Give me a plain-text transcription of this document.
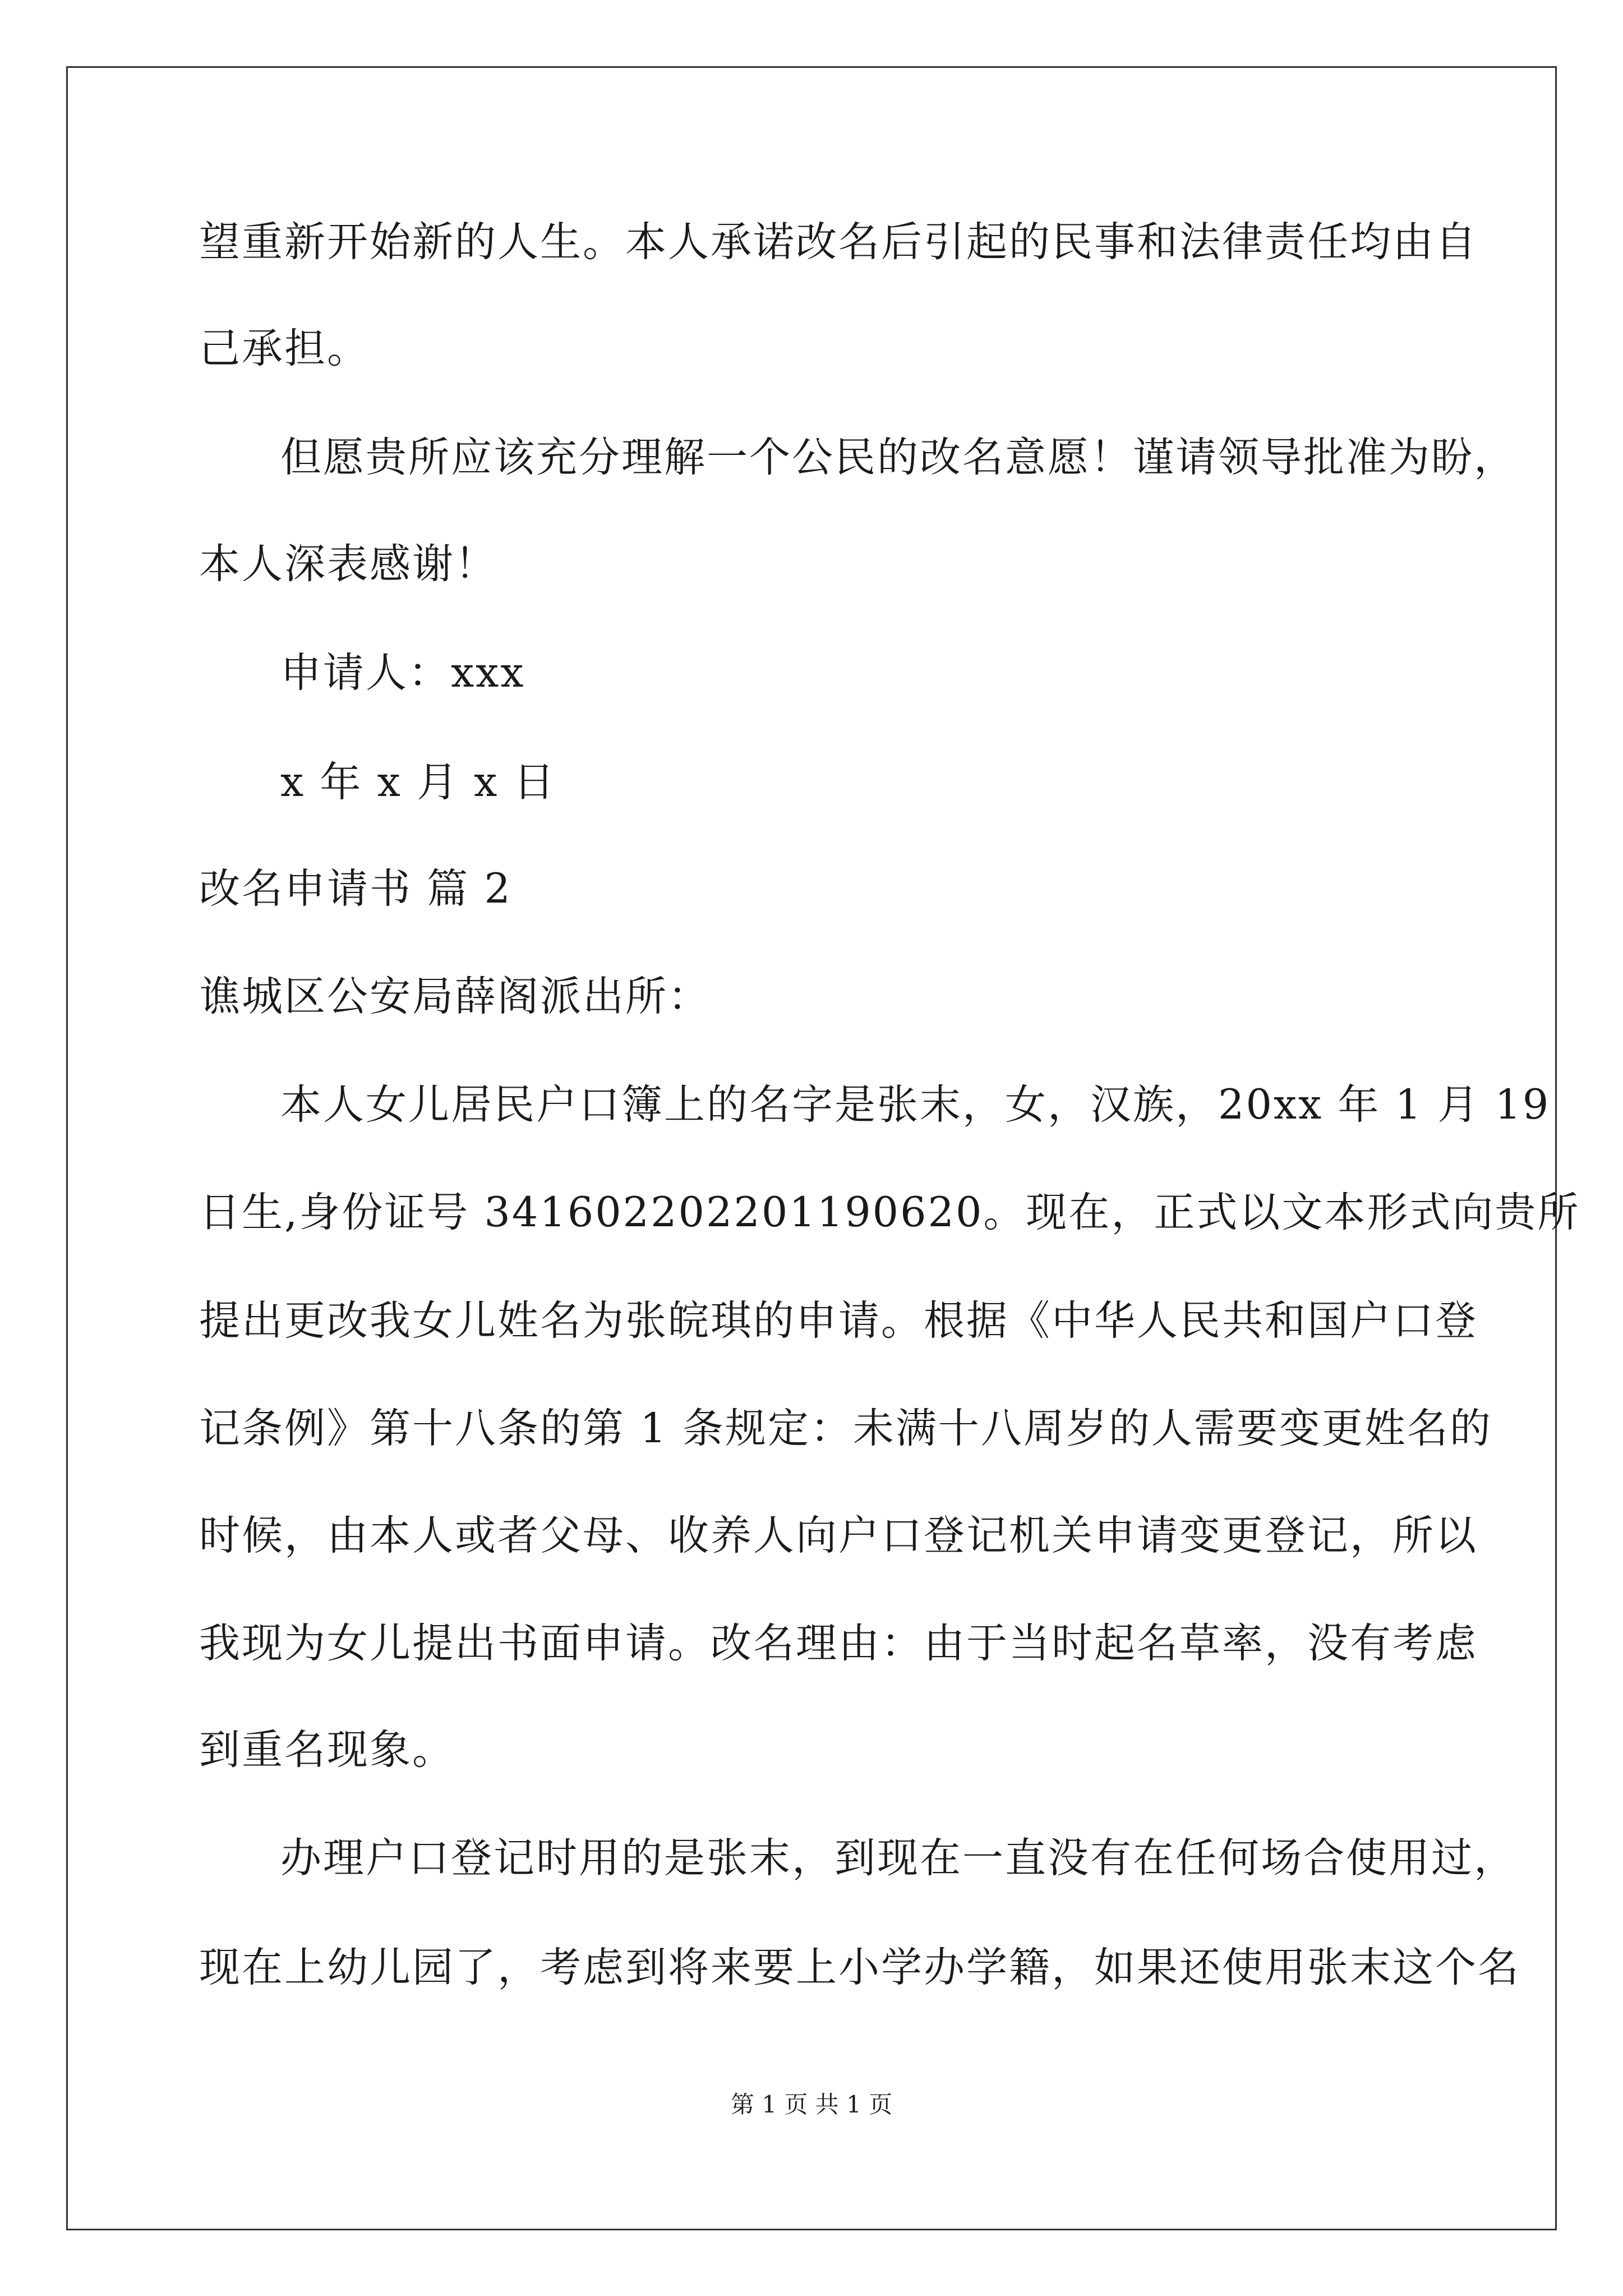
望重新开始新的人生。本人承诺改名后引起的民事和法律责任均由自
己承担。
但愿贵所应该充分理解一个公民的改名意愿！谨请领导批准为盼，
本人深表感谢！
申请人：xxx
x 年 x 月 x 日
改名申请书 篇 2
谯城区公安局薛阁派出所：
本人女儿居民户口簿上的名字是张末，女，汉族，20xx 年 1 月 19
日生,身份证号 341602202201190620。现在，正式以文本形式向贵所
提出更改我女儿姓名为张皖琪的申请。根据《中华人民共和国户口登
记条例》第十八条的第 1 条规定：未满十八周岁的人需要变更姓名的
时候，由本人或者父母、收养人向户口登记机关申请变更登记，所以
我现为女儿提出书面申请。改名理由：由于当时起名草率，没有考虑
到重名现象。
办理户口登记时用的是张末，到现在一直没有在任何场合使用过，
现在上幼儿园了，考虑到将来要上小学办学籍，如果还使用张末这个名
第 1 页 共 1 页
